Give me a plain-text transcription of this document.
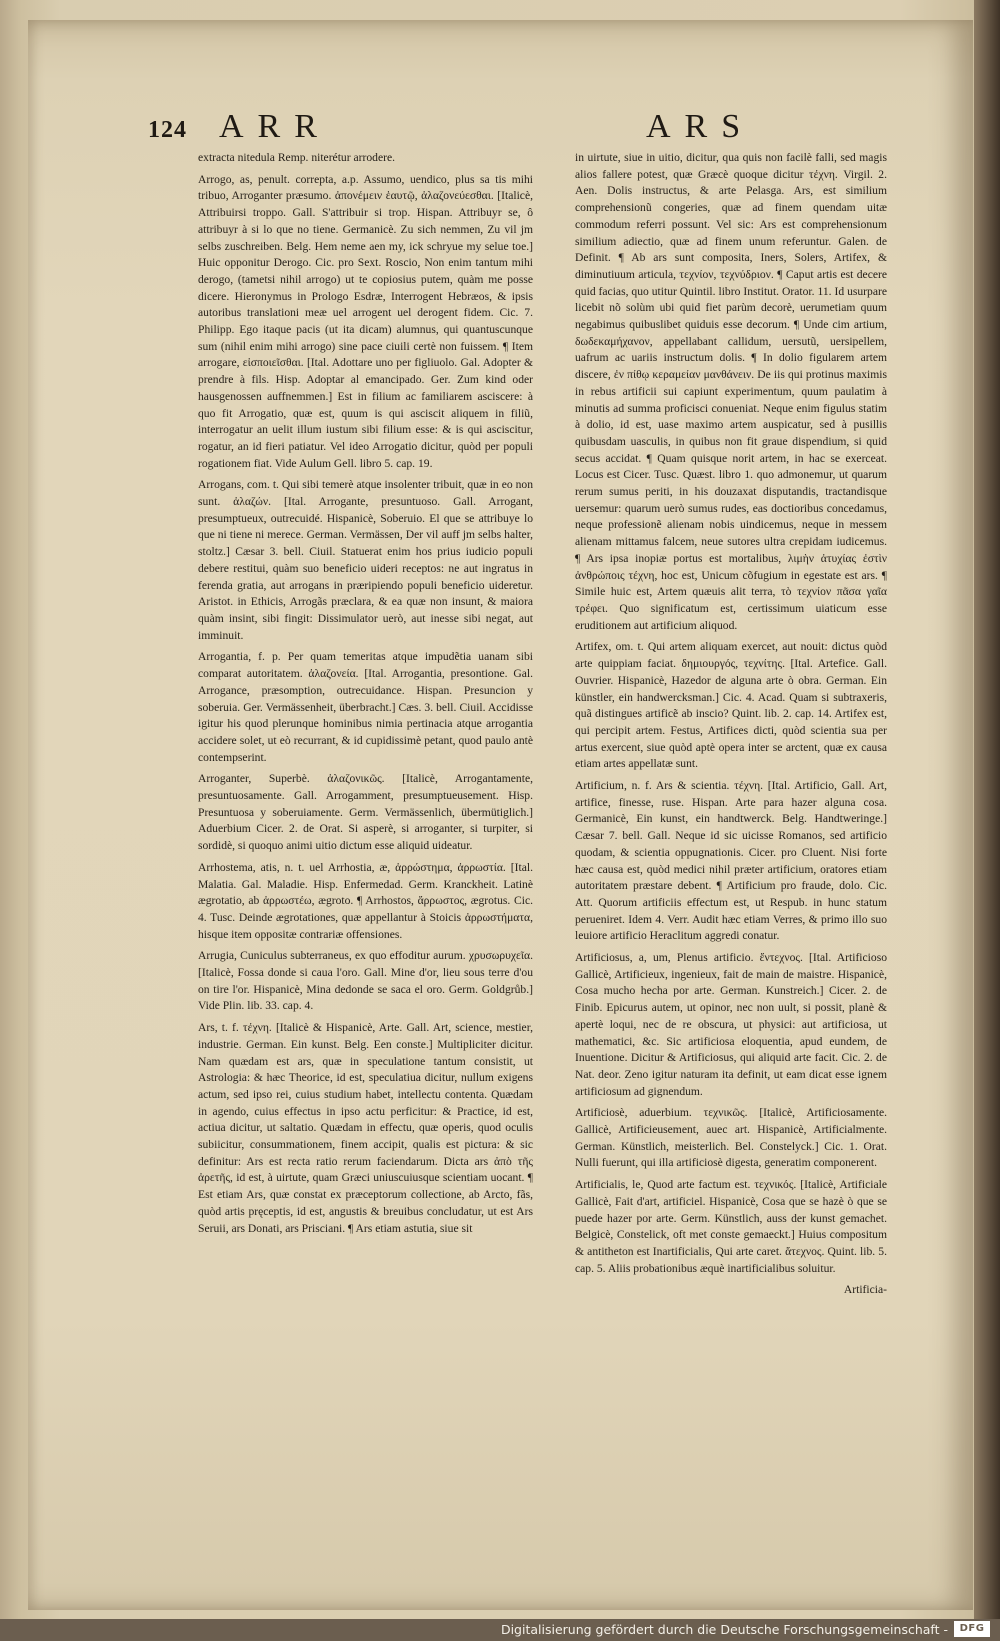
124 ARR	ARS

extracta nitedula Remp. niterétur arrodere.

Arrogo, as, penult. correpta, a.p. Assumo, uendico, plus sa tis mihi tribuo, Arroganter præsumo. ἀπονέμειν ἑαυτῷ, ἀλαζονεύεσθαι. [Italicè, Attribuirsi troppo. Gall. S'attribuir si trop. Hispan. Attribuyr se, ô attribuyr à si lo que no tiene. Germanicè. Zu sich nemmen, Zu vil jm selbs zuschreiben. Belg. Hem neme aen my, ick schryue my selue toe.] Huic opponitur Derogo. Cic. pro Sext. Roscio, Non enim tantum mihi derogo, (tametsi nihil arrogo) ut te copiosius putem, quàm me posse dicere. Hieronymus in Prologo Esdræ, Interrogent Hebræos, & ipsis autoribus translationi meæ uel arrogent uel derogent fidem. Cic. 7. Philipp. Ego itaque pacis (ut ita dicam) alumnus, qui quantuscunque sum (nihil enim mihi arrogo) sine pace ciuili certè non fuissem. ¶ Item arrogare, εἰσποιεῖσθαι. [Ital. Adottare uno per figliuolo. Gal. Adopter & prendre à fils. Hisp. Adoptar al emancipado. Ger. Zum kind oder hausgenossen auffnemmen.] Est in filium ac familiarem asciscere: à quo fit Arrogatio, quæ est, quum is qui asciscit aliquem in filiũ, interrogatur an uelit illum iustum sibi filium esse: & is qui asciscitur, rogatur, an id fieri patiatur. Vel ideo Arrogatio dicitur, quòd per populi rogationem fiat. Vide Aulum Gell. libro 5. cap. 19.

Arrogans, com. t. Qui sibi temerè atque insolenter tribuit, quæ in eo non sunt. ἀλαζών. [Ital. Arrogante, presuntuoso. Gall. Arrogant, presumptueux, outrecuidé. Hispanicè, Soberuio. El que se attribuye lo que ni tiene ni merece. German. Vermässen, Der vil auff jm selbs halter, stoltz.] Cæsar 3. bell. Ciuil. Statuerat enim hos prius iudicio populi debere restitui, quàm suo beneficio uideri receptos: ne aut ingratus in ferenda gratia, aut arrogans in præripiendo populi beneficio uideretur. Aristot. in Ethicis, Arrogãs præclara, & ea quæ non insunt, & maiora quàm insint, sibi fingit: Dissimulator uerò, aut inesse sibi negat, aut imminuit.

Arrogantia, f. p. Per quam temeritas atque impudẽtia uanam sibi comparat autoritatem. ἀλαζονεία. [Ital. Arrogantia, presontione. Gal. Arrogance, præsomption, outrecuidance. Hispan. Presuncion y soberuia. Ger. Vermässenheit, überbracht.] Cæs. 3. bell. Ciuil. Accidisse igitur his quod plerunque hominibus nimia pertinacia atque arrogantia accidere solet, ut eò recurrant, & id cupidissimè petant, quod paulo antè contempserint.

Arroganter, Superbè. ἀλαζονικῶς. [Italicè, Arrogantamente, presuntuosamente. Gall. Arrogamment, presumptueusement. Hisp. Presuntuosa y soberuiamente. Germ. Vermässenlich, übermütiglich.] Aduerbium Cicer. 2. de Orat. Si asperè, si arroganter, si turpiter, si sordidè, si quoquo animi uitio dictum esse aliquid uideatur.

Arrhostema, atis, n. t. uel Arrhostia, æ, ἀρρώστημα, ἀρρωστία. [Ital. Malatia. Gal. Maladie. Hisp. Enfermedad. Germ. Kranckheit. Latinè ægrotatio, ab ἀρρωστέω, ægroto. ¶ Arrhostos, ἄρρωστος, ægrotus. Cic. 4. Tusc. Deinde ægrotationes, quæ appellantur à Stoicis ἀρρωστήματα, hisque item oppositæ contrariæ offensiones.

Arrugia, Cuniculus subterraneus, ex quo effoditur aurum. χρυσωρυχεῖα. [Italicè, Fossa donde si caua l'oro. Gall. Mine d'or, lieu sous terre d'ou on tire l'or. Hispanicè, Mina dedonde se saca el oro. Germ. Goldgrůb.] Vide Plin. lib. 33. cap. 4.

Ars, t. f. τέχνη. [Italicè & Hispanicè, Arte. Gall. Art, science, mestier, industrie. German. Ein kunst. Belg. Een conste.] Multipliciter dicitur. Nam quædam est ars, quæ in speculatione tantum consistit, ut Astrologia: & hæc Theorice, id est, speculatiua dicitur, nullum exigens actum, sed ipso rei, cuius studium habet, intellectu contenta. Quædam in agendo, cuius effectus in ipso actu perficitur: & Practice, id est, actiua dicitur, ut saltatio. Quædam in effectu, quæ operis, quod oculis subiicitur, consummationem, finem accipit, qualis est pictura: & sic definitur: Ars est recta ratio rerum faciendarum. Dicta ars ἀπὸ τῆς ἀρετῆς, id est, à uirtute, quam Græci uniuscuiusque scientiam uocant. ¶ Est etiam Ars, quæ constat ex præceptorum collectione, ab Arcto, fãs, quòd artis pręceptis, id est, angustis & breuibus concludatur, ut est Ars Seruii, ars Donati, ars Prisciani. ¶ Ars etiam astutia, siue sit

in uirtute, siue in uitio, dicitur, qua quis non facilè falli, sed magis alios fallere potest, quæ Græcè quoque dicitur τέχνη. Virgil. 2. Aen. Dolis instructus, & arte Pelasga. Ars, est similium comprehensionũ congeries, quæ ad finem quendam uitæ commodum referri possunt. Vel sic: Ars est comprehensionum similium adiectio, quæ ad finem unum referuntur. Galen. de Definit. ¶ Ab ars sunt composita, Iners, Solers, Artifex, & diminutiuum articula, τεχνίον, τεχνύδριον. ¶ Caput artis est decere quid facias, quo utitur Quintil. libro Institut. Orator. 11. Id usurpare licebit nõ solùm ubi quid fiet parùm decorè, uerumetiam quum negabimus quibuslibet quiduis esse decorum. ¶ Unde cim artium, δωδεκαμήχανον, appellabant callidum, uersutũ, uersipellem, uafrum ac uariis instructum dolis. ¶ In dolio figularem artem discere, ἐν πίθῳ κεραμείαν μανθάνειν. De iis qui protinus maximis in rebus artificii sui capiunt experimentum, quum paulatim à minutis ad summa proficisci conueniat. Neque enim figulus statim à dolio, id est, uase maximo artem auspicatur, sed à pusillis quibusdam uasculis, in quibus non fit graue dispendium, si quid secus accidat. ¶ Quam quisque norit artem, in hac se exerceat. Locus est Cicer. Tusc. Quæst. libro 1. quo admonemur, ut quarum rerum sumus periti, in his douzaxat disputandis, tractandisque uersemur: quarum uerò sumus rudes, eas doctioribus concedamus, neque professionẽ alienam nobis uindicemus, neque in messem alienam mittamus falcem, neue sutores ultra crepidam iudicemus. ¶ Ars ipsa inopiæ portus est mortalibus, λιμὴν ἀτυχίας ἐστὶν ἀνθρώποις τέχνη, hoc est, Unicum cõfugium in egestate est ars. ¶ Simile huic est, Artem quæuis alit terra, τὸ τεχνίον πᾶσα γαῖα τρέφει. Quo significatum est, certissimum uiaticum esse eruditionem aut artificium aliquod.

Artifex, om. t. Qui artem aliquam exercet, aut nouit: dictus quòd arte quippiam faciat. δημιουργός, τεχνίτης. [Ital. Artefice. Gall. Ouvrier. Hispanicè, Hazedor de alguna arte ò obra. German. Ein künstler, ein handwercksman.] Cic. 4. Acad. Quam si subtraxeris, quã distingues artificẽ ab inscio? Quint. lib. 2. cap. 14. Artifex est, qui percipit artem. Festus, Artifices dicti, quòd scientia sua per artus exercent, siue quòd aptè opera inter se arctent, quæ ex causa etiam artes appellatæ sunt.

Artificium, n. f. Ars & scientia. τέχνη. [Ital. Artificio, Gall. Art, artifice, finesse, ruse. Hispan. Arte para hazer alguna cosa. Germanicè, Ein kunst, ein handtwerck. Belg. Handtweringe.] Cæsar 7. bell. Gall. Neque id sic uicisse Romanos, sed artificio quodam, & scientia oppugnationis. Cicer. pro Cluent. Nisi forte hæc causa est, quòd medici nihil præter artificium, oratores etiam autoritatem præstare debent. ¶ Artificium pro fraude, dolo. Cic. Att. Quorum artificiis effectum est, ut Respub. in hunc statum perueniret. Idem 4. Verr. Audit hæc etiam Verres, & primo illo suo leuiore artificio Heraclitum aggredi conatur.

Artificiosus, a, um, Plenus artificio. ἔντεχνος. [Ital. Artificioso Gallicè, Artificieux, ingenieux, fait de main de maistre. Hispanicè, Cosa mucho hecha por arte. German. Kunstreich.] Cicer. 2. de Finib. Epicurus autem, ut opinor, nec non uult, si possit, planè & apertè loqui, nec de re obscura, ut physici: aut artificiosa, ut mathematici, &c. Sic artificiosa eloquentia, apud eundem, de Inuentione. Dicitur & Artificiosus, qui aliquid arte facit. Cic. 2. de Nat. deor. Zeno igitur naturam ita definit, ut eam dicat esse ignem artificiosum ad gignendum.

Artificiosè, aduerbium. τεχνικῶς. [Italicè, Artificiosamente. Gallicè, Artificieusement, auec art. Hispanicè, Artificialmente. German. Künstlich, meisterlich. Bel. Constelyck.] Cic. 1. Orat. Nulli fuerunt, qui illa artificiosè digesta, generatim componerent.

Artificialis, le, Quod arte factum est. τεχνικός. [Italicè, Artificiale Gallicè, Fait d'art, artificiel. Hispanicè, Cosa que se hazè ò que se puede hazer por arte. Germ. Künstlich, auss der kunst gemachet. Belgicè, Constelick, oft met conste gemaeckt.] Huius compositum & antitheton est Inartificialis, Qui arte caret. ἄτεχνος. Quint. lib. 5. cap. 5. Aliis probationibus æquè inartificialibus soluitur.

Artificia-

Digitalisierung gefördert durch die Deutsche Forschungsgemeinschaft -	DFG
